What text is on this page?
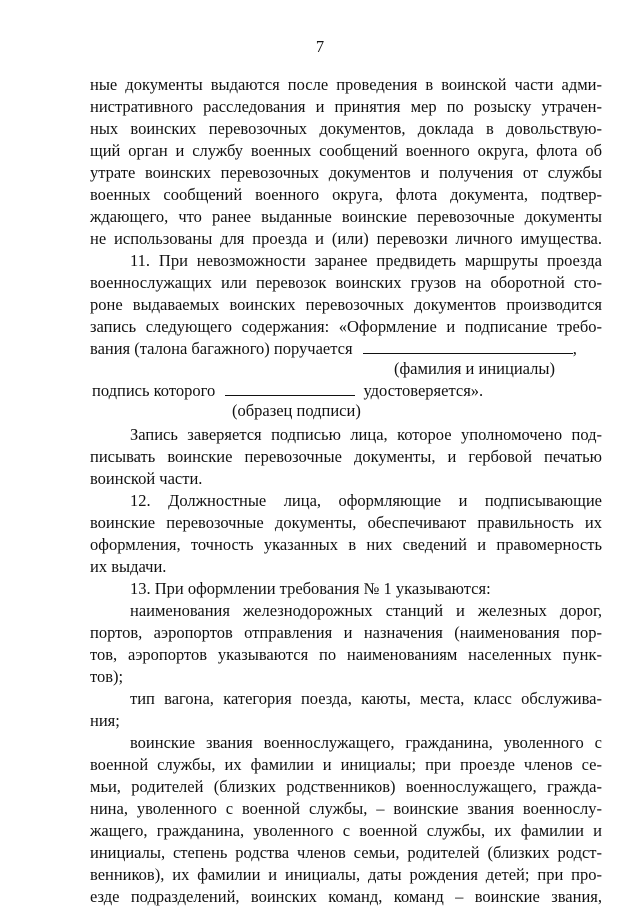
7
ные документы выдаются после проведения в воинской части адми-
нистративного расследования и принятия мер по розыску утрачен-
ных воинских перевозочных документов, доклада в довольствую-
щий орган и службу военных сообщений военного округа, флота об
утрате воинских перевозочных документов и получения от службы
военных сообщений военного округа, флота документа, подтвер-
ждающего, что ранее выданные воинские перевозочные документы
не использованы для проезда и (или) перевозки личного имущества.
11. При невозможности заранее предвидеть маршруты проезда
военнослужащих или перевозок воинских грузов на оборотной сто-
роне выдаваемых воинских перевозочных документов производится
запись следующего содержания: «Оформление и подписание требо-
вания (талона багажного) поручается	,
(фамилия и инициалы)
подпись которого	удостоверяется».
(образец подписи)
Запись заверяется подписью лица, которое уполномочено под-
писывать воинские перевозочные документы, и гербовой печатью
воинской части.
12. Должностные лица, оформляющие и подписывающие
воинские перевозочные документы, обеспечивают правильность их
оформления, точность указанных в них сведений и правомерность
их выдачи.
13. При оформлении требования № 1 указываются:
наименования железнодорожных станций и железных дорог,
портов, аэропортов отправления и назначения (наименования пор-
тов, аэропортов указываются по наименованиям населенных пунк-
тов);
тип вагона, категория поезда, каюты, места, класс обслужива-
ния;
воинские звания военнослужащего, гражданина, уволенного с
военной службы, их фамилии и инициалы; при проезде членов се-
мьи, родителей (близких родственников) военнослужащего, гражда-
нина, уволенного с военной службы, – воинские звания военнослу-
жащего, гражданина, уволенного с военной службы, их фамилии и
инициалы, степень родства членов семьи, родителей (близких родст-
венников), их фамилии и инициалы, даты рождения детей; при про-
езде подразделений, воинских команд, команд – воинские звания,
